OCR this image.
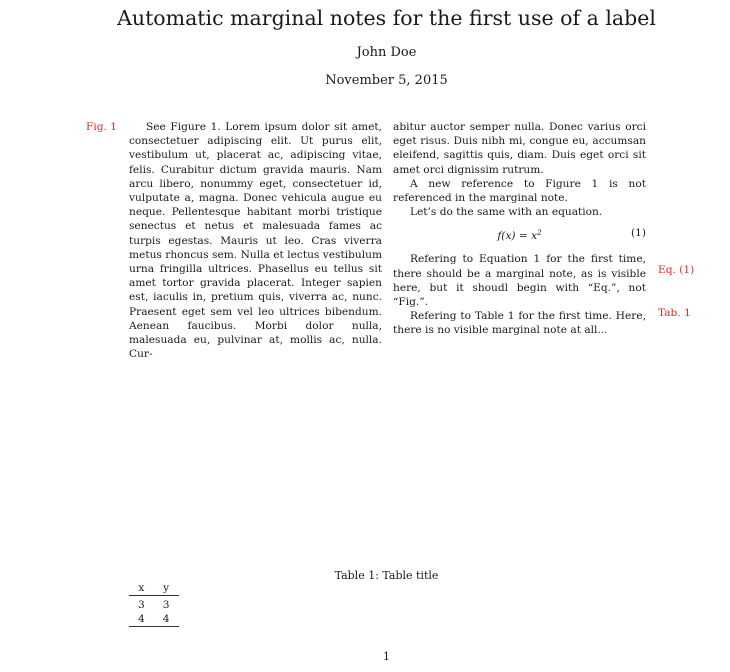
Automatic marginal notes for the first use of a label
John Doe
November 5, 2015
Fig. 1
Eq. (1)
Tab. 1

See Figure 1. Lorem ipsum dolor sit amet, consectetuer adipiscing elit. Ut purus elit, vestibulum ut, placerat ac, adipiscing vitae, felis. Curabitur dictum gravida mauris. Nam arcu libero, nonummy eget, consectetuer id, vulputate a, magna. Donec vehicula augue eu neque. Pellentesque habitant morbi tristique senectus et netus et malesuada fames ac turpis egestas. Mauris ut leo. Cras viverra metus rhoncus sem. Nulla et lectus vestibulum urna fringilla ultrices. Phasellus eu tellus sit amet tortor gravida placerat. Integer sapien est, iaculis in, pretium quis, viverra ac, nunc. Praesent eget sem vel leo ultrices bibendum. Aenean faucibus. Morbi dolor nulla, malesuada eu, pulvinar at, mollis ac, nulla. Cur-

abitur auctor semper nulla. Donec varius orci eget risus. Duis nibh mi, congue eu, accumsan eleifend, sagittis quis, diam. Duis eget orci sit amet orci dignissim rutrum.

A new reference to Figure 1 is not referenced in the marginal note.

Let’s do the same with an equation.

$f(x) = x^2$	(1)

Refering to Equation 1 for the first time, there should be a marginal note, as is visible here, but it shoudl begin with “Eq.”, not “Fig.”.

Refering to Table 1 for the first time. Here, there is no visible marginal note at all...

Table 1: Table title
x	y
3	3
4	4
1
